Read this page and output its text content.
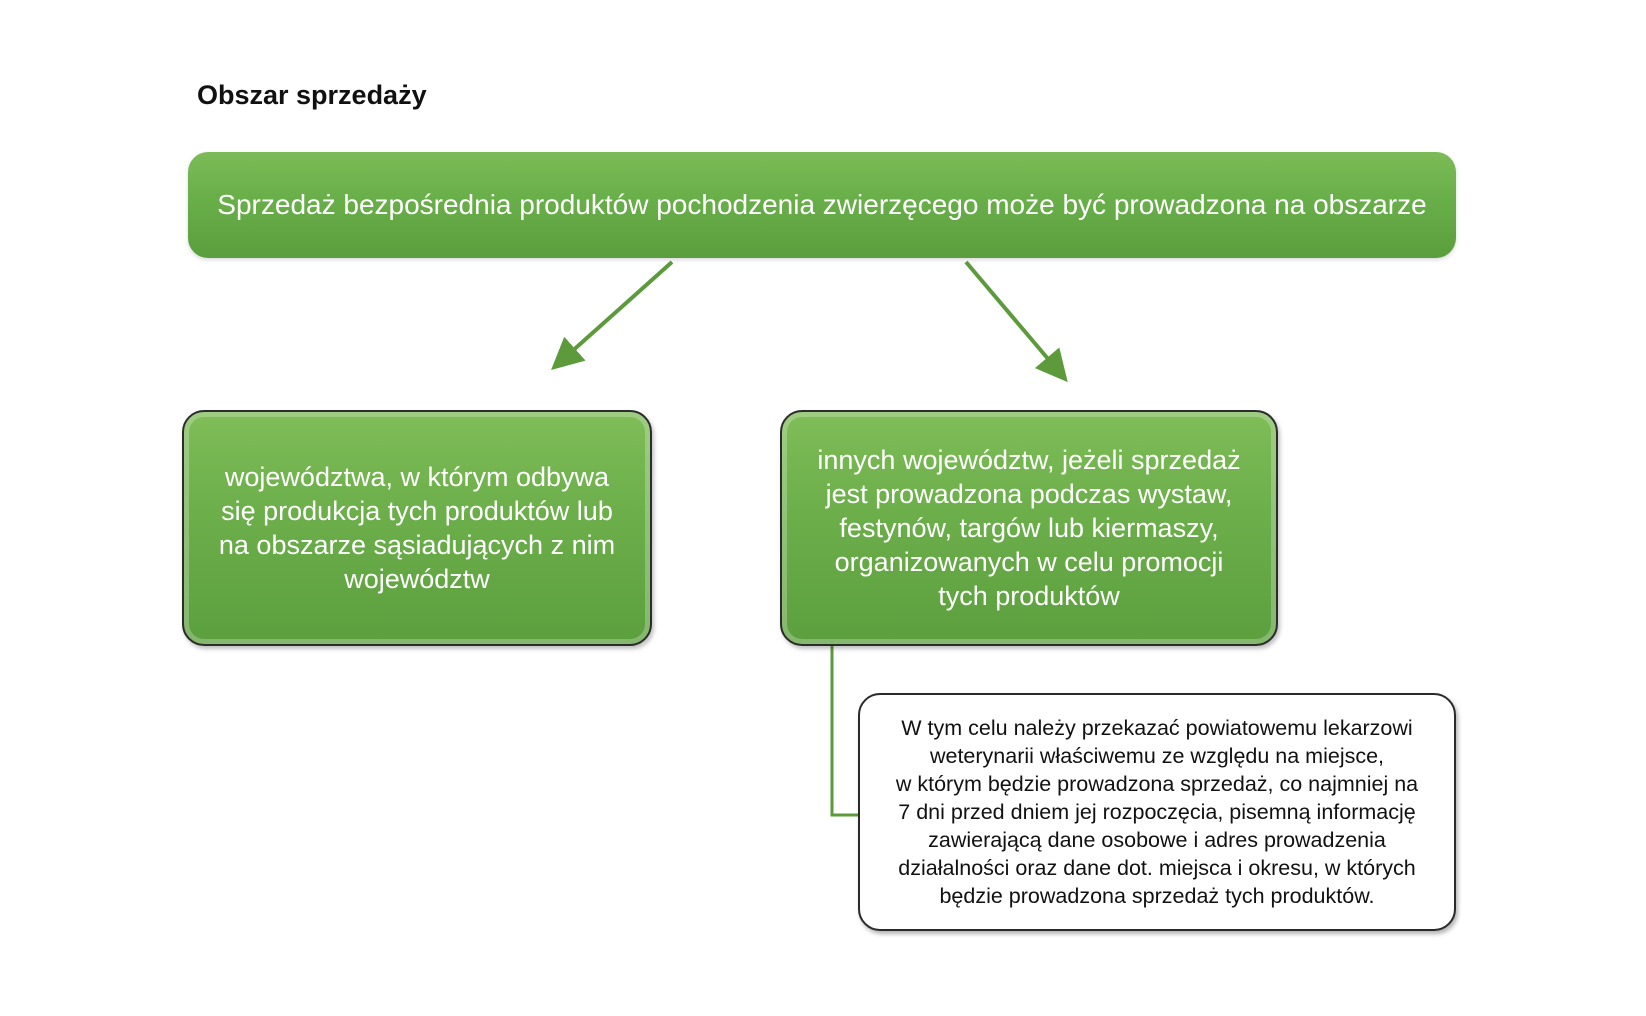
Obszar sprzedaży
Sprzedaż bezpośrednia produktów pochodzenia zwierzęcego może być prowadzona na obszarze
województwa, w którym odbywa
się produkcja tych produktów lub
na obszarze sąsiadujących z nim
województw
innych województw, jeżeli sprzedaż
jest prowadzona podczas wystaw,
festynów, targów lub kiermaszy,
organizowanych w celu promocji
tych produktów
W tym celu należy przekazać powiatowemu lekarzowi
weterynarii właściwemu ze względu na miejsce,
w którym będzie prowadzona sprzedaż, co najmniej na
7 dni przed dniem jej rozpoczęcia, pisemną informację
zawierającą dane osobowe i adres prowadzenia
działalności oraz dane dot. miejsca i okresu, w których
będzie prowadzona sprzedaż tych produktów.
